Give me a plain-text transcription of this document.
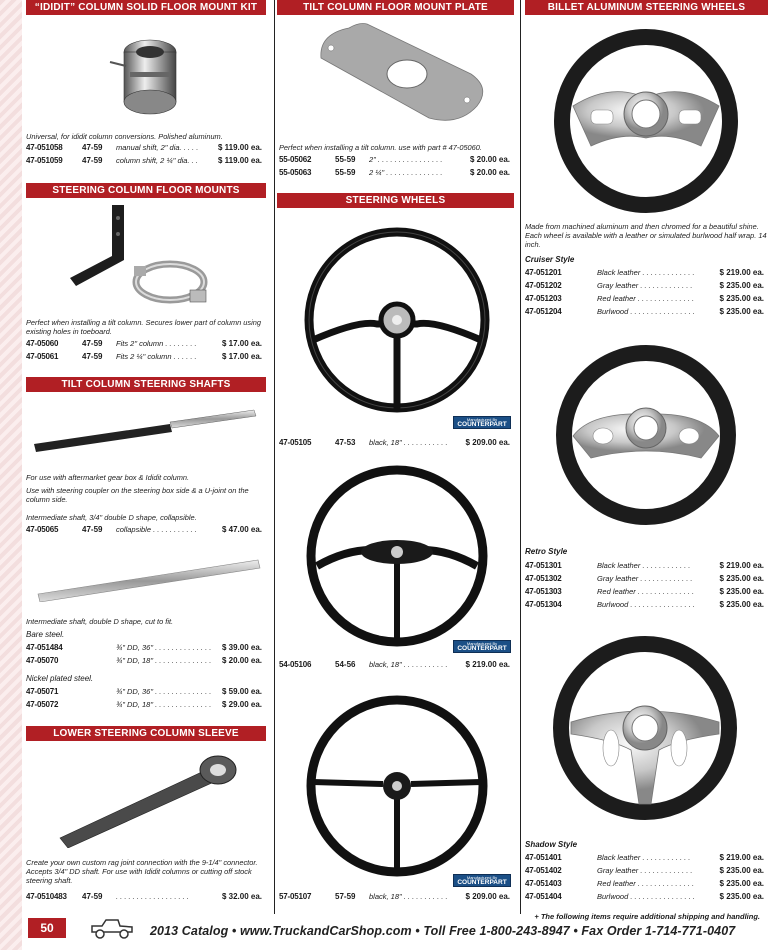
“IDIDIT” COLUMN SOLID FLOOR MOUNT KIT
Universal, for ididit column conversions. Polished aluminum.
47-051058 47-59 manual shift, 2" dia. . . . . $ 119.00 ea.
47-051059 47-59 column shift, 2 ¼" dia. . .	$ 119.00 ea.
STEERING COLUMN FLOOR MOUNTS
Perfect when installing a tilt column. Secures lower part of column using existing holes in toeboard.
47-05060	47-59 Fits 2" column . . . . . . . .	$ 17.00 ea.
47-05061	47-59 Fits 2 ¼" column . . . . . .	$ 17.00 ea.
TILT COLUMN STEERING SHAFTS
For use with aftermarket gear box & Ididit column.
Use with steering coupler on the steering box side & a U-joint on the column side.
Intermediate shaft, 3/4" double D shape, collapsible.
47-05065	47-59 collapsible . . . . . . . . . . .	$ 47.00 ea.
Intermediate shaft, double D shape, cut to fit.
Bare steel.
47-051484	¾" DD, 36" . . . . . . . . . . . . . . $ 39.00 ea.
47-05070	¾" DD, 18" . . . . . . . . . . . . . . $ 20.00 ea.
Nickel plated steel.
47-05071	¾" DD, 36" . . . . . . . . . . . . . . $ 59.00 ea.
47-05072	¾" DD, 18" . . . . . . . . . . . . . . $ 29.00 ea.
LOWER STEERING COLUMN SLEEVE
Create your own custom rag joint connection with the 9-1/4" connector. Accepts 3/4" DD shaft. For use with Ididit columns or cutting off stock steering shaft.
47-0510483 47-59 . . . . . . . . . . . . . . . . . .	$ 32.00 ea.
TILT COLUMN FLOOR MOUNT PLATE
Perfect when installing a tilt column. use with part # 47-05060.
55-05062	55-59 2" . . . . . . . . . . . . . . . .	$ 20.00 ea.
55-05063	55-59 2 ¼" . . . . . . . . . . . . . .	$ 20.00 ea.
STEERING WHEELS
Manufactured By
COUNTERPART
47-05105	47-53 black, 18" . . . . . . . . . . . $ 209.00 ea.
Manufactured By
COUNTERPART
54-05106	54-56 black, 18" . . . . . . . . . . . $ 219.00 ea.
Manufactured By
COUNTERPART
57-05107	57-59 black, 18" . . . . . . . . . . . $ 209.00 ea.
BILLET ALUMINUM STEERING WHEELS
Made from machined aluminum and then chromed for a beautiful shine. Each wheel is available with a leather or simulated burlwood half wrap. 14 inch.
Cruiser Style
47-051201	Black leather . . . . . . . . . . . . .	$ 219.00 ea.
47-051202	Gray leather . . . . . . . . . . . . .	$ 235.00 ea.
47-051203	Red leather . . . . . . . . . . . . . .	$ 235.00 ea.
47-051204	Burlwood . . . . . . . . . . . . . . . .	$ 235.00 ea.
Retro Style
47-051301	Black leather . . . . . . . . . . . .	$ 219.00 ea.
47-051302	Gray leather . . . . . . . . . . . . .	$ 235.00 ea.
47-051303	Red leather . . . . . . . . . . . . . .	$ 235.00 ea.
47-051304	Burlwood . . . . . . . . . . . . . . . .	$ 235.00 ea.
Shadow Style
47-051401	Black leather . . . . . . . . . . . .	$ 219.00 ea.
47-051402	Gray leather . . . . . . . . . . . . .	$ 235.00 ea.
47-051403	Red leather . . . . . . . . . . . . . .	$ 235.00 ea.
47-051404	Burlwood . . . . . . . . . . . . . . . .	$ 235.00 ea.
+ The following items require additional shipping and handling.
50	2013 Catalog • www.TruckandCarShop.com • Toll Free 1-800-243-8947 • Fax Order 1-714-771-0407
